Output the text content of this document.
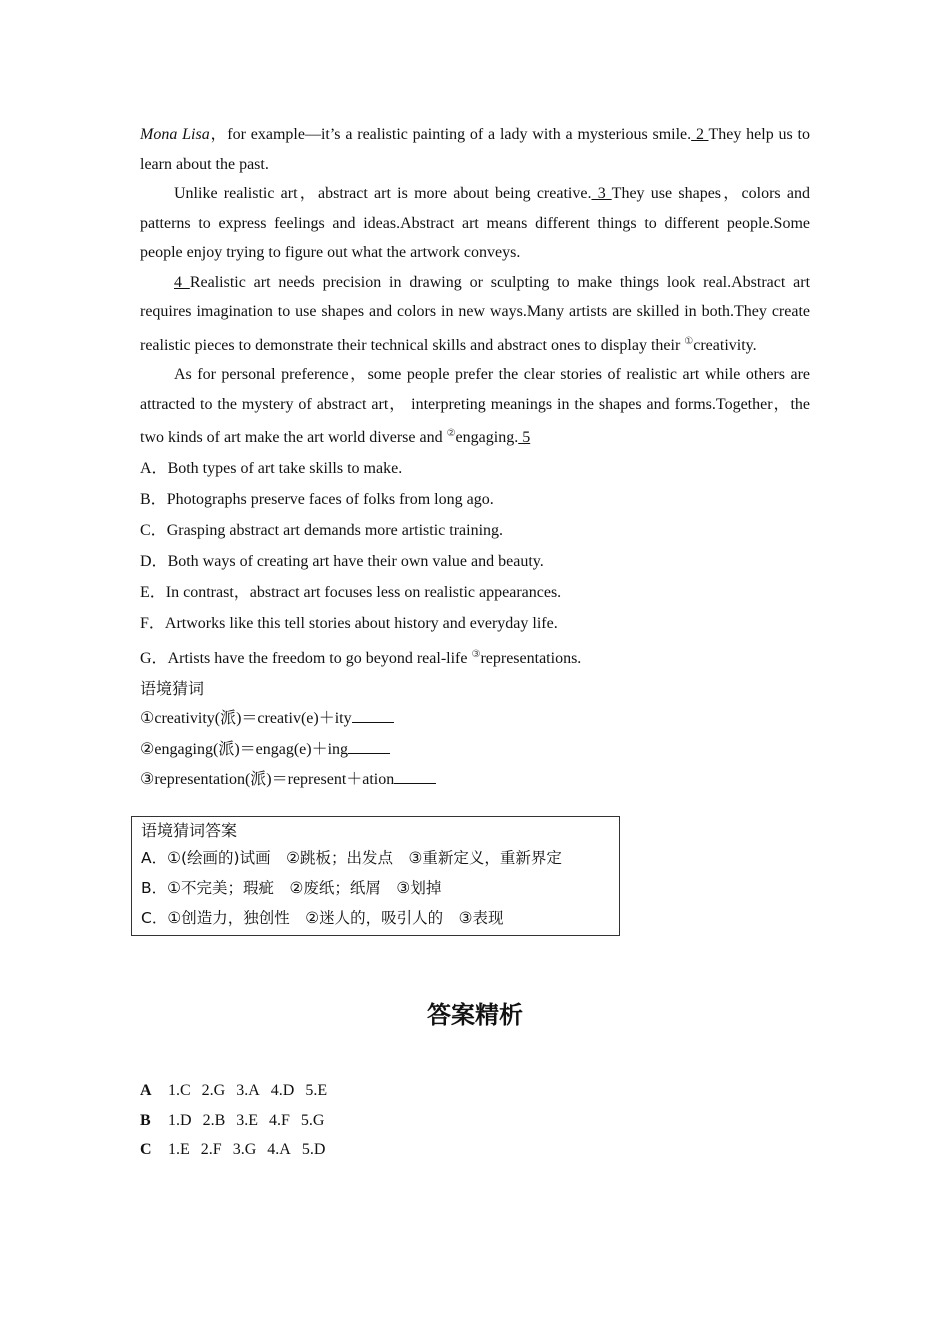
Mona Lisa，for example—it’s a realistic painting of a lady with a mysterious smile. 2 They help us to learn about the past.

Unlike realistic art，abstract art is more about being creative. 3 They use shapes，colors and patterns to express feelings and ideas.Abstract art means different things to different people.Some people enjoy trying to figure out what the artwork conveys.

4 Realistic art needs precision in drawing or sculpting to make things look real.Abstract art requires imagination to use shapes and colors in new ways.Many artists are skilled in both.They create realistic pieces to demonstrate their technical skills and abstract ones to display their ①creativity.

As for personal preference，some people prefer the clear stories of realistic art while others are attracted to the mystery of abstract art， interpreting meanings in the shapes and forms.Together，the two kinds of art make the art world diverse and ②engaging. 5

A．Both types of art take skills to make.

B．Photographs preserve faces of folks from long ago.

C．Grasping abstract art demands more artistic training.

D．Both ways of creating art have their own value and beauty.

E．In contrast，abstract art focuses less on realistic appearances.

F．Artworks like this tell stories about history and everyday life.

G．Artists have the freedom to go beyond real-life ③representations.

语境猜词

①creativity(派)＝creativ(e)＋ity

②engaging(派)＝engag(e)＋ing

③representation(派)＝represent＋ation

语境猜词答案

A．①(绘画的)试画　②跳板；出发点　③重新定义，重新界定

B．①不完美；瑕疵　②废纸；纸屑　③划掉

C．①创造力，独创性　②迷人的，吸引人的　③表现

答案精析

A 1.C 2.G 3.A 4.D 5.E

B 1.D 2.B 3.E 4.F 5.G

C 1.E 2.F 3.G 4.A 5.D
